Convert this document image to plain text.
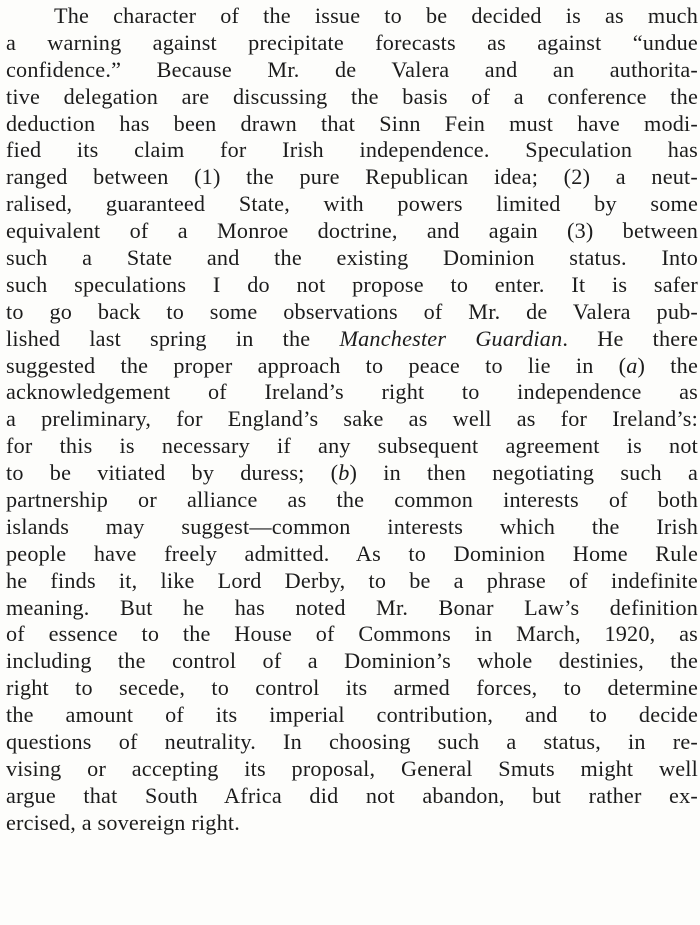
The character of the issue to be decided is as much
a warning against precipitate forecasts as against “undue
confidence.” Because Mr. de Valera and an authorita-
tive delegation are discussing the basis of a conference the
deduction has been drawn that Sinn Fein must have modi-
fied its claim for Irish independence. Speculation has
ranged between (1) the pure Republican idea; (2) a neut-
ralised, guaranteed State, with powers limited by some
equivalent of a Monroe doctrine, and again (3) between
such a State and the existing Dominion status. Into
such speculations I do not propose to enter. It is safer
to go back to some observations of Mr. de Valera pub-
lished last spring in the Manchester Guardian. He there
suggested the proper approach to peace to lie in (a) the
acknowledgement of Ireland’s right to independence as
a preliminary, for England’s sake as well as for Ireland’s:
for this is necessary if any subsequent agreement is not
to be vitiated by duress; (b) in then negotiating such a
partnership or alliance as the common interests of both
islands may suggest—common interests which the Irish
people have freely admitted. As to Dominion Home Rule
he finds it, like Lord Derby, to be a phrase of indefinite
meaning. But he has noted Mr. Bonar Law’s definition
of essence to the House of Commons in March, 1920, as
including the control of a Dominion’s whole destinies, the
right to secede, to control its armed forces, to determine
the amount of its imperial contribution, and to decide
questions of neutrality. In choosing such a status, in re-
vising or accepting its proposal, General Smuts might well
argue that South Africa did not abandon, but rather ex-
ercised, a sovereign right.
